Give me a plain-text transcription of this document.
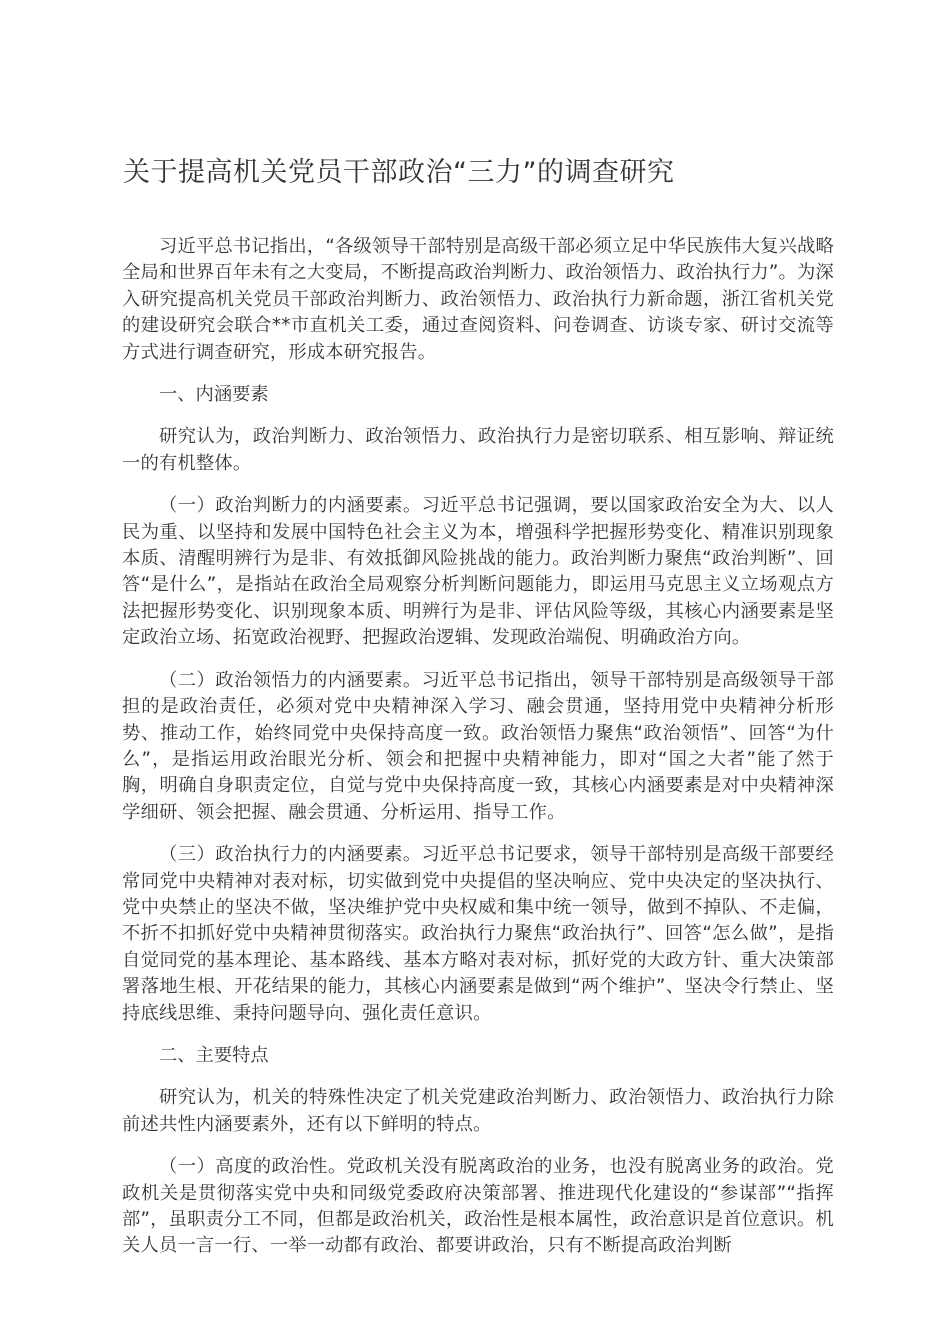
关于提高机关党员干部政治“三力”的调查研究

习近平总书记指出，“各级领导干部特别是高级干部必须立足中华民族伟大复兴战略全局和世界百年未有之大变局，不断提高政治判断力、政治领悟力、政治执行力”。为深入研究提高机关党员干部政治判断力、政治领悟力、政治执行力新命题，浙江省机关党的建设研究会联合**市直机关工委，通过查阅资料、问卷调查、访谈专家、研讨交流等方式进行调查研究，形成本研究报告。

一、内涵要素

研究认为，政治判断力、政治领悟力、政治执行力是密切联系、相互影响、辩证统一的有机整体。

（一）政治判断力的内涵要素。习近平总书记强调，要以国家政治安全为大、以人民为重、以坚持和发展中国特色社会主义为本，增强科学把握形势变化、精准识别现象本质、清醒明辨行为是非、有效抵御风险挑战的能力。政治判断力聚焦“政治判断”、回答“是什么”，是指站在政治全局观察分析判断问题能力，即运用马克思主义立场观点方法把握形势变化、识别现象本质、明辨行为是非、评估风险等级，其核心内涵要素是坚定政治立场、拓宽政治视野、把握政治逻辑、发现政治端倪、明确政治方向。

（二）政治领悟力的内涵要素。习近平总书记指出，领导干部特别是高级领导干部担的是政治责任，必须对党中央精神深入学习、融会贯通，坚持用党中央精神分析形势、推动工作，始终同党中央保持高度一致。政治领悟力聚焦“政治领悟”、回答“为什么”，是指运用政治眼光分析、领会和把握中央精神能力，即对“国之大者”能了然于胸，明确自身职责定位，自觉与党中央保持高度一致，其核心内涵要素是对中央精神深学细研、领会把握、融会贯通、分析运用、指导工作。

（三）政治执行力的内涵要素。习近平总书记要求，领导干部特别是高级干部要经常同党中央精神对表对标，切实做到党中央提倡的坚决响应、党中央决定的坚决执行、党中央禁止的坚决不做，坚决维护党中央权威和集中统一领导，做到不掉队、不走偏，不折不扣抓好党中央精神贯彻落实。政治执行力聚焦“政治执行”、回答“怎么做”，是指自觉同党的基本理论、基本路线、基本方略对表对标，抓好党的大政方针、重大决策部署落地生根、开花结果的能力，其核心内涵要素是做到“两个维护”、坚决令行禁止、坚持底线思维、秉持问题导向、强化责任意识。

二、主要特点

研究认为，机关的特殊性决定了机关党建政治判断力、政治领悟力、政治执行力除前述共性内涵要素外，还有以下鲜明的特点。

（一）高度的政治性。党政机关没有脱离政治的业务，也没有脱离业务的政治。党政机关是贯彻落实党中央和同级党委政府决策部署、推进现代化建设的“参谋部”“指挥部”，虽职责分工不同，但都是政治机关，政治性是根本属性，政治意识是首位意识。机关人员一言一行、一举一动都有政治、都要讲政治，只有不断提高政治判断
